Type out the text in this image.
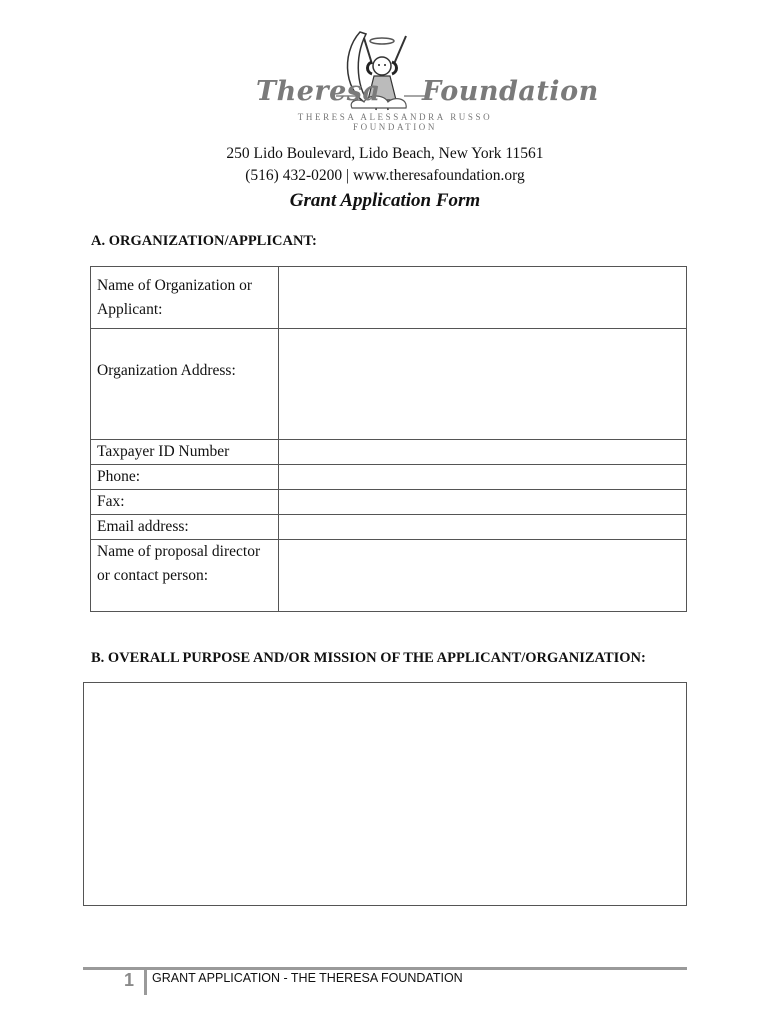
Theresa Foundation
THERESA ALESSANDRA RUSSO FOUNDATION
250 Lido Boulevard, Lido Beach, New York 11561
(516) 432-0200 | www.theresafoundation.org
Grant Application Form
A. ORGANIZATION/APPLICANT:
Name of Organization or Applicant:	
Organization Address:	
Taxpayer ID Number	
Phone:	
Fax:	
Email address:	
Name of proposal director or contact person:	
B. OVERALL PURPOSE AND/OR MISSION OF THE APPLICANT/ORGANIZATION:
1 GRANT APPLICATION - THE THERESA FOUNDATION
